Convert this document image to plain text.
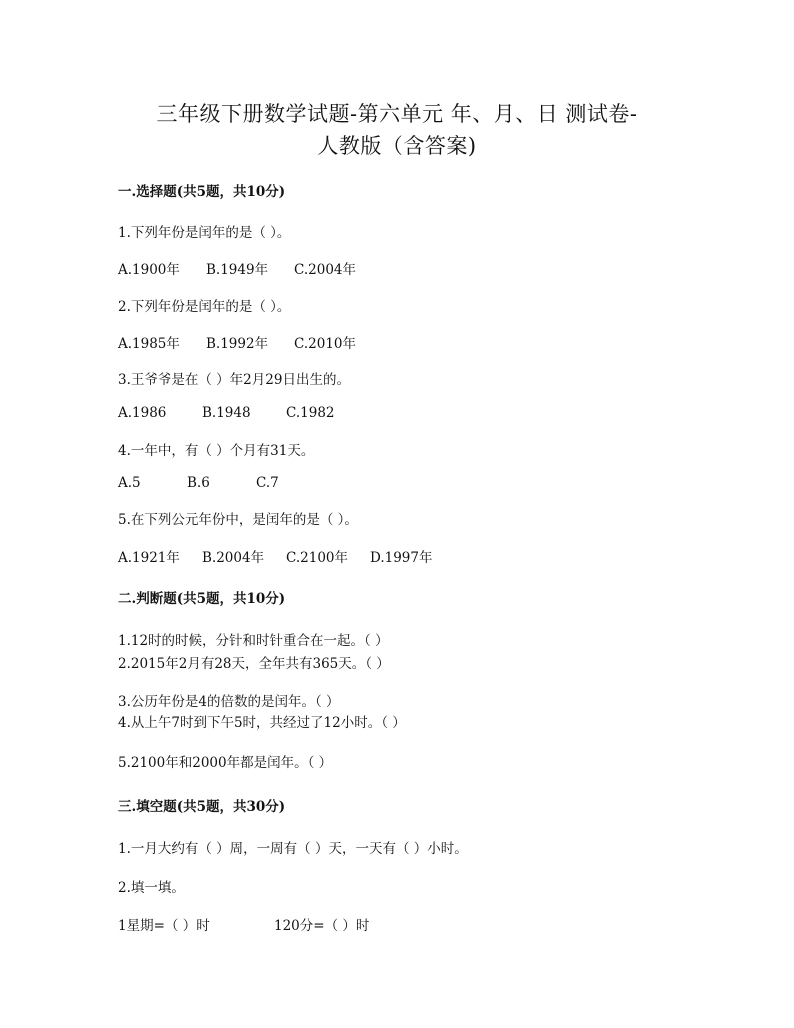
三年级下册数学试题-第六单元 年、月、日 测试卷-
人教版（含答案)
一.选择题(共5题，共10分)
1.下列年份是闰年的是（ ）。
A.1900年 B.1949年 C.2004年
2.下列年份是闰年的是（ ）。
A.1985年 B.1992年 C.2010年
3.王爷爷是在（ ）年2月29日出生的。
A.1986	B.1948	C.1982
4.一年中，有（ ）个月有31天。
A.5	B.6	C.7
5.在下列公元年份中，是闰年的是（ ）。
A.1921年 B.2004年 C.2100年 D.1997年
二.判断题(共5题，共10分)
1.12时的时候，分针和时针重合在一起。（ ）
2.2015年2月有28天，全年共有365天。（ ）
3.公历年份是4的倍数的是闰年。（ ）
4.从上午7时到下午5时，共经过了12小时。（ ）
5.2100年和2000年都是闰年。（ ）
三.填空题(共5题，共30分)
1.一月大约有（ ）周，一周有（ ）天，一天有（ ）小时。
2.填一填。
1星期=（ ）时	120分=（ ）时
